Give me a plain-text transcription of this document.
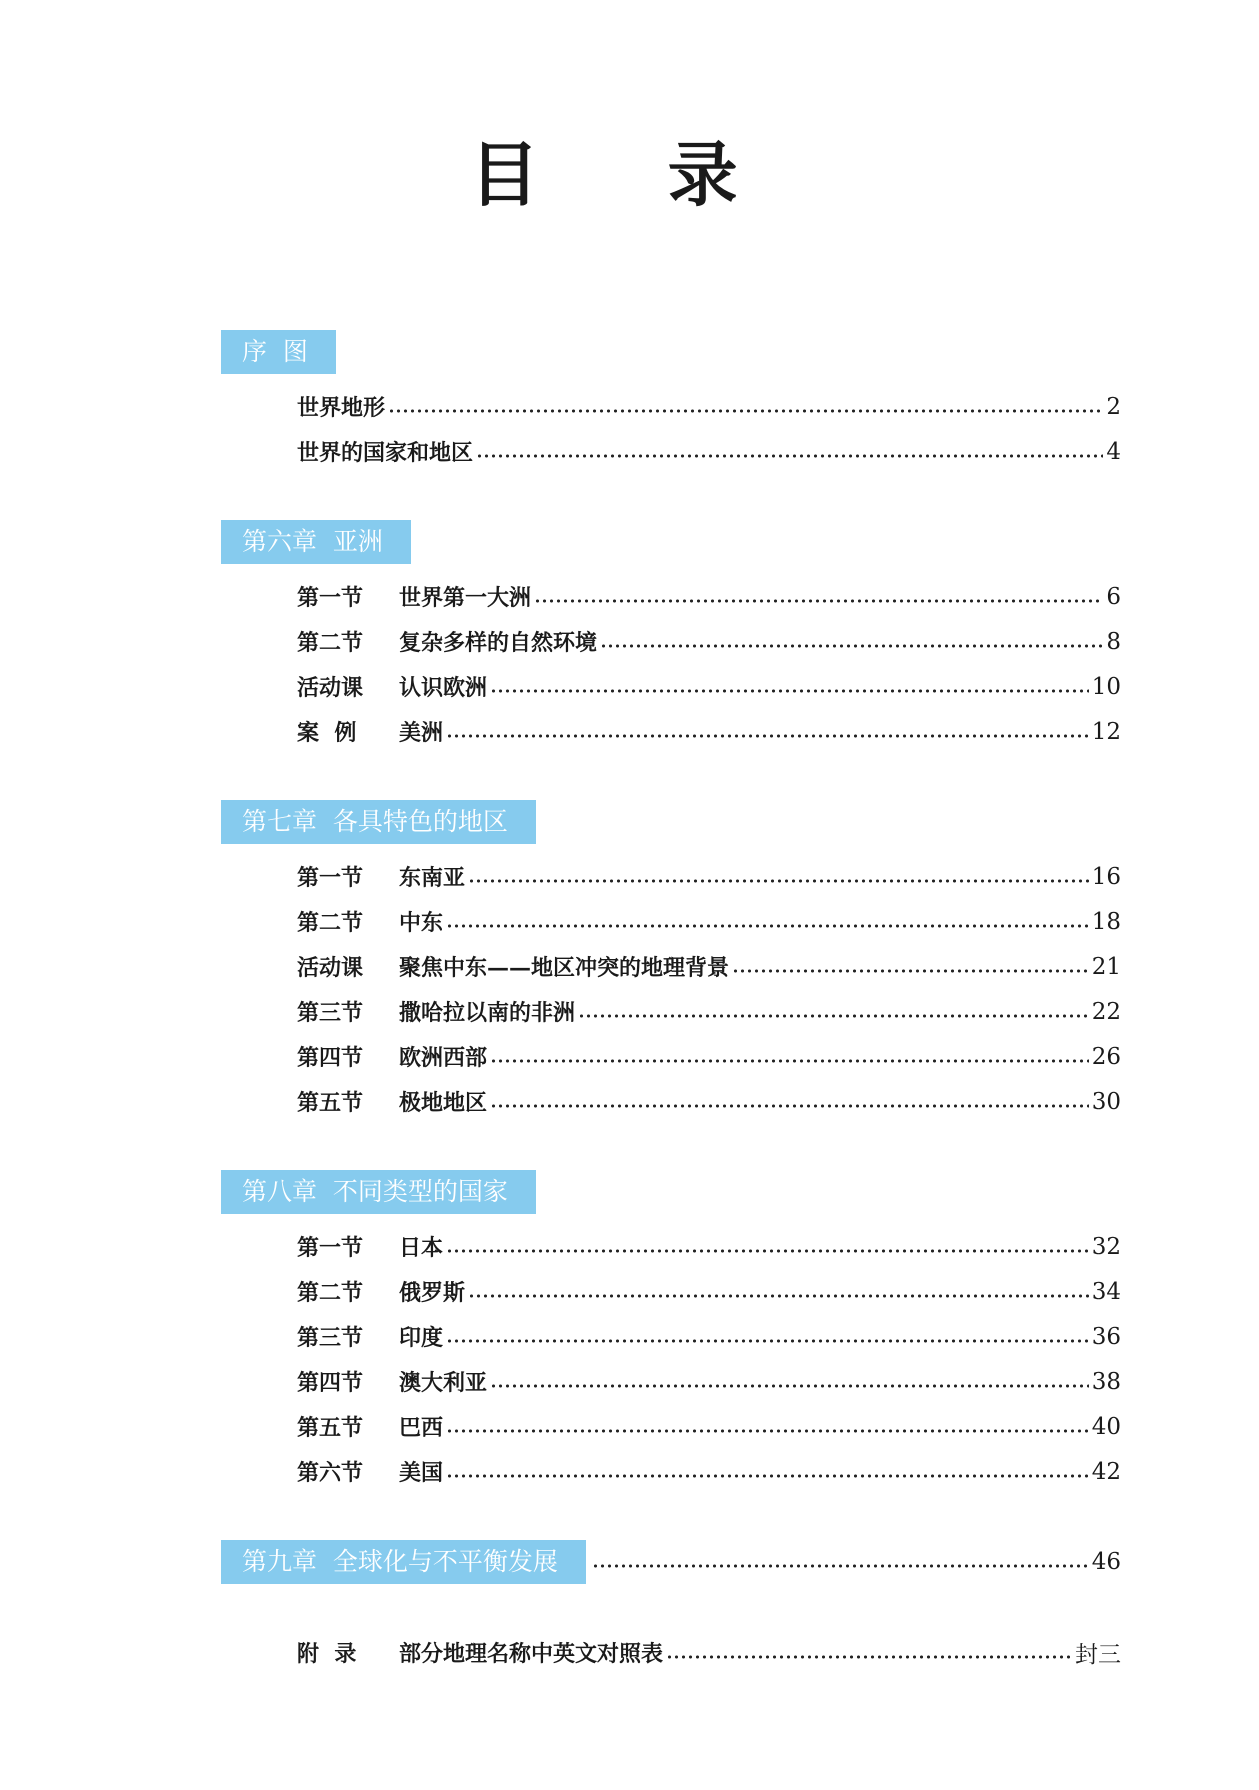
目 录
序  图
世界地形	2
世界的国家和地区	4
第六章  亚洲
第一节	世界第一大洲	6
第二节	复杂多样的自然环境	8
活动课	认识欧洲	10
案  例	美洲	12
第七章  各具特色的地区
第一节	东南亚	16
第二节	中东	18
活动课	聚焦中东——地区冲突的地理背景	21
第三节	撒哈拉以南的非洲	22
第四节	欧洲西部	26
第五节	极地地区	30
第八章  不同类型的国家
第一节	日本	32
第二节	俄罗斯	34
第三节	印度	36
第四节	澳大利亚	38
第五节	巴西	40
第六节	美国	42
第九章  全球化与不平衡发展	46
附  录	部分地理名称中英文对照表	封三
